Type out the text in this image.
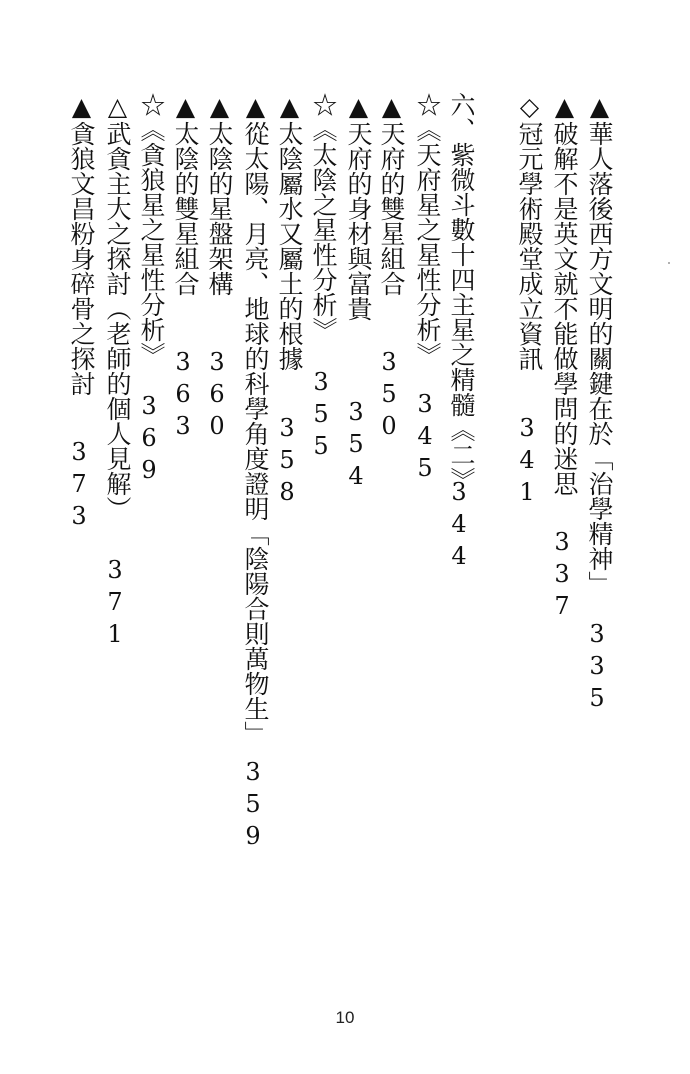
▲華人落後西方文明的關鍵在於「治學精神」
335
▲破解不是英文就不能做學問的迷思
337
◇冠元學術殿堂成立資訊
341
六、紫微斗數十四主星之精髓《二》
344
☆《天府星之星性分析》
345
▲天府的雙星組合
350
▲天府的身材與富貴
354
☆《太陰之星性分析》
355
▲太陰屬水又屬土的根據
358
▲從太陽、月亮、地球的科學角度證明「陰陽合則萬物生」
359
▲太陰的星盤架構
360
▲太陰的雙星組合
363
☆《貪狼星之星性分析》
369
△武貪主大之探討（老師的個人見解）
371
▲貪狼文昌粉身碎骨之探討
373
10
